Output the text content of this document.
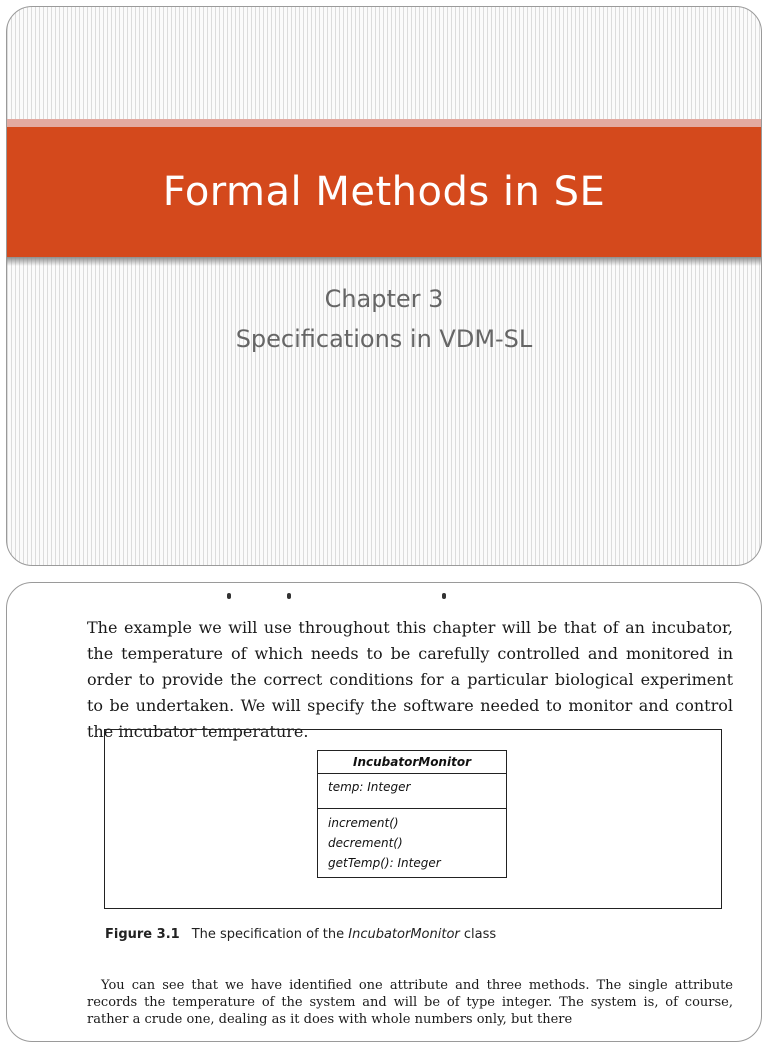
Formal Methods in SE
Chapter 3
Specifications in VDM-SL
The example we will use throughout this chapter will be that of an incubator, the temperature of which needs to be carefully controlled and monitored in order to provide the correct conditions for a particular biological experiment to be undertaken. We will specify the software needed to monitor and control the incubator temperature.
IncubatorMonitor
temp: Integer
increment()
decrement()
getTemp(): Integer
Figure 3.1 The specification of the IncubatorMonitor class
You can see that we have identified one attribute and three methods. The single attribute records the temperature of the system and will be of type integer. The system is, of course, rather a crude one, dealing as it does with whole numbers only, but there
